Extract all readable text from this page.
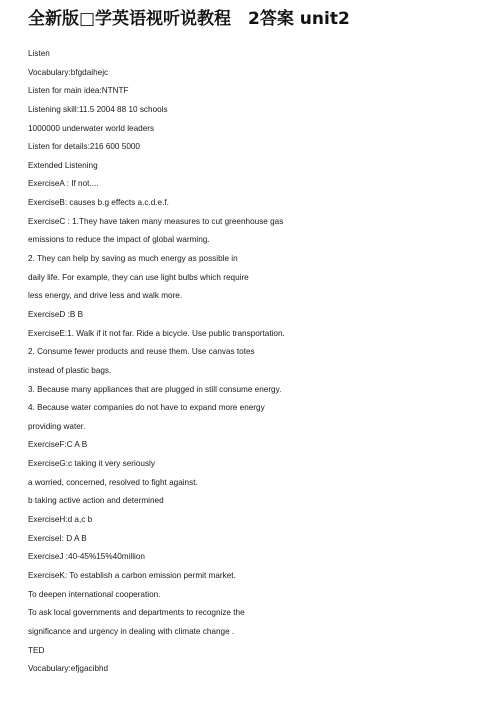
全新版□学英语视听说教程　2答案 unit2
Listen
Vocabulary:bfgdaihejc
Listen for main idea:NTNTF
Listening skill:11.5 2004 88 10 schools
1000000 underwater world leaders
Listen for details:216 600 5000
Extended Listening
ExerciseA : If not....
ExerciseB: causes b.g effects a.c.d.e.f.
ExerciseC : 1.They have taken many measures to cut greenhouse gas
emissions to reduce the impact of global warming.
2. They can help by saving as much energy as possible in
daily life. For example, they can use light bulbs which require
less energy, and drive less and walk more.
ExerciseD :B B
ExerciseE:1. Walk if it not far. Ride a bicycle. Use public transportation.
2. Consume fewer products and reuse them. Use canvas totes
instead of plastic bags.
3. Because many appliances that are plugged in still consume energy.
4. Because water companies do not have to expand more energy
providing water.
ExerciseF:C A B
ExerciseG:c taking it very seriously
a worried, concerned, resolved to fight against.
b taking active action and determined
ExerciseH:d a,c b
ExerciseI: D A B
ExerciseJ :40-45%15%40million
ExerciseK: To establish a carbon emission permit market.
To deepen international cooperation.
To ask local governments and departments to recognize the
significance and urgency in dealing with climate change .
TED
Vocabulary:efjgacibhd
